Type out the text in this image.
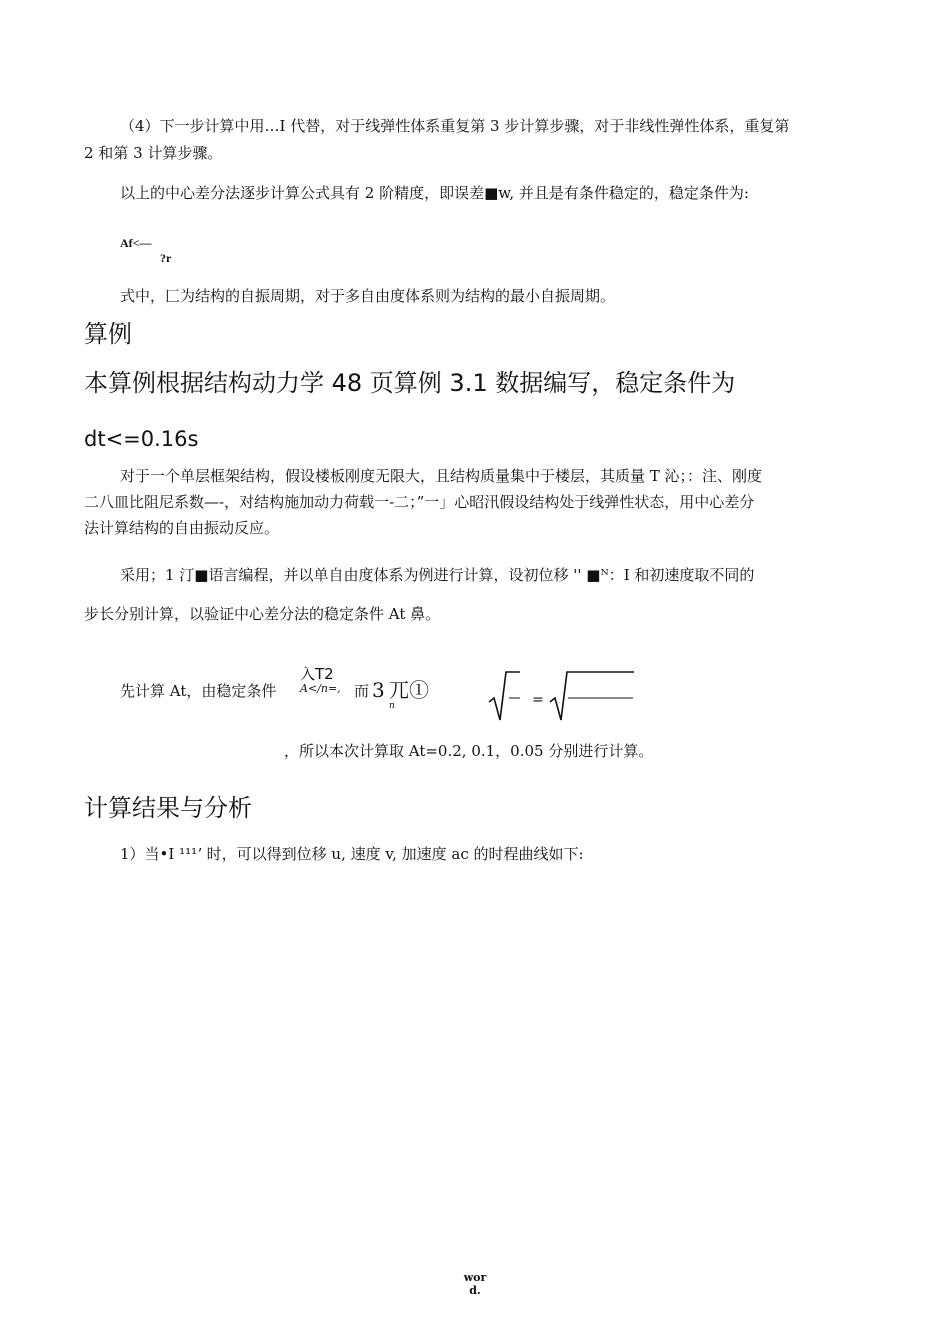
（4）下一步计算中用…I 代替，对于线弹性体系重复第 3 步计算步骤，对于非线性弹性体系，重复第
2 和第 3 计算步骤。
以上的中心差分法逐步计算公式具有 2 阶精度，即误差■w, 并且是有条件稳定的，稳定条件为:
Af<—
?r
式中，匚为结构的自振周期，对于多自由度体系则为结构的最小自振周期。
算例
本算例根据结构动力学 48 页算例 3.1 数据编写，稳定条件为
dt<=0.16s
对于一个单层框架结构，假设楼板刚度无限大，且结构质量集中于楼层，其质量 T 沁；：注、刚度
二八皿比阻尼系数—-，对结构施加动力荷载一-二；”一」心昭汛假设结构处于线弹性状态，用中心差分
法计算结构的自由振动反应。
采用；1 汀■语言编程，并以单自由度体系为例进行计算，设初位移 '' ■ᴺ：I 和初速度取不同的
步长分别计算，以验证中心差分法的稳定条件 At 鼻。
先计算 At，由稳定条件
入T2
A</n=, 而 3 兀①
n	=
，所以本次计算取 At=0.2, 0.1，0.05 分别进行计算。
计算结果与分析
1）当•I ¹¹¹ʼ 时，可以得到位移 u, 速度 v, 加速度 ac 的时程曲线如下:
wor
d.
